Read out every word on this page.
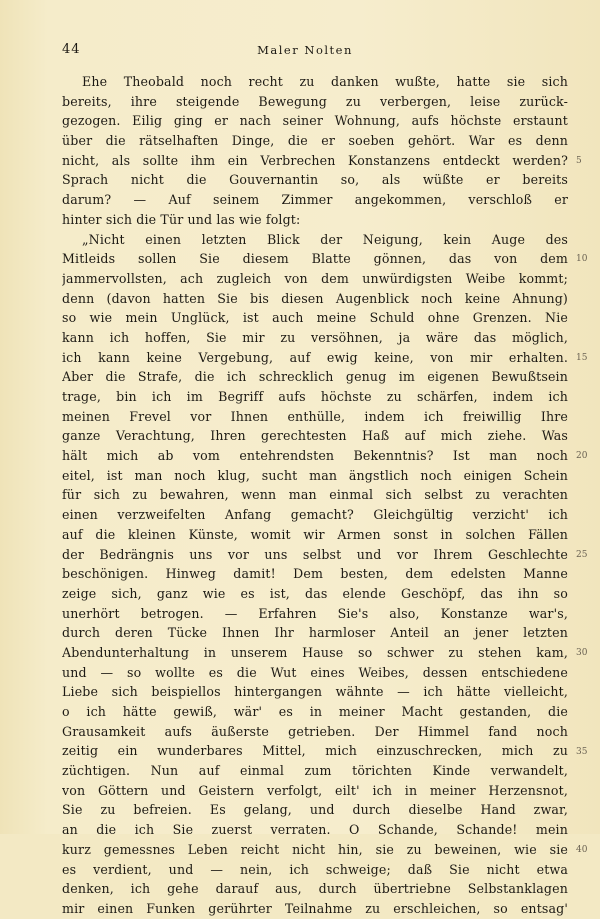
44	Maler Nolten
Ehe Theobald noch recht zu danken wußte, hatte sie sich
bereits, ihre steigende Bewegung zu verbergen, leise zurück-
gezogen. Eilig ging er nach seiner Wohnung, aufs höchste erstaunt
über die rätselhaften Dinge, die er soeben gehört. War es denn
nicht, als sollte ihm ein Verbrechen Konstanzens entdeckt werden?
Sprach nicht die Gouvernantin so, als wüßte er bereits
darum? — Auf seinem Zimmer angekommen, verschloß er
hinter sich die Tür und las wie folgt:
„Nicht einen letzten Blick der Neigung, kein Auge des
Mitleids sollen Sie diesem Blatte gönnen, das von dem
jammervollsten, ach zugleich von dem unwürdigsten Weibe kommt;
denn (davon hatten Sie bis diesen Augenblick noch keine Ahnung)
so wie mein Unglück, ist auch meine Schuld ohne Grenzen. Nie
kann ich hoffen, Sie mir zu versöhnen, ja wäre das möglich,
ich kann keine Vergebung, auf ewig keine, von mir erhalten.
Aber die Strafe, die ich schrecklich genug im eigenen Bewußtsein
trage, bin ich im Begriff aufs höchste zu schärfen, indem ich
meinen Frevel vor Ihnen enthülle, indem ich freiwillig Ihre
ganze Verachtung, Ihren gerechtesten Haß auf mich ziehe. Was
hält mich ab vom entehrendsten Bekenntnis? Ist man noch
eitel, ist man noch klug, sucht man ängstlich noch einigen Schein
für sich zu bewahren, wenn man einmal sich selbst zu verachten
einen verzweifelten Anfang gemacht? Gleichgültig verzicht' ich
auf die kleinen Künste, womit wir Armen sonst in solchen Fällen
der Bedrängnis uns vor uns selbst und vor Ihrem Geschlechte
beschönigen. Hinweg damit! Dem besten, dem edelsten Manne
zeige sich, ganz wie es ist, das elende Geschöpf, das ihn so
unerhört betrogen. — Erfahren Sie's also, Konstanze war's,
durch deren Tücke Ihnen Ihr harmloser Anteil an jener letzten
Abendunterhaltung in unserem Hause so schwer zu stehen kam,
und — so wollte es die Wut eines Weibes, dessen entschiedene
Liebe sich beispiellos hintergangen wähnte — ich hätte vielleicht,
o ich hätte gewiß, wär' es in meiner Macht gestanden, die
Grausamkeit aufs äußerste getrieben. Der Himmel fand noch
zeitig ein wunderbares Mittel, mich einzuschrecken, mich zu
züchtigen. Nun auf einmal zum törichten Kinde verwandelt,
von Göttern und Geistern verfolgt, eilt' ich in meiner Herzensnot,
Sie zu befreien. Es gelang, und durch dieselbe Hand zwar,
an die ich Sie zuerst verraten. O Schande, Schande! mein
kurz gemessnes Leben reicht nicht hin, sie zu beweinen, wie sie
es verdient, und — nein, ich schweige; daß Sie nicht etwa
denken, ich gehe darauf aus, durch übertriebne Selbstanklagen
mir einen Funken gerührter Teilnahme zu erschleichen, so entsag'
5
10
15
20
25
30
35
40
